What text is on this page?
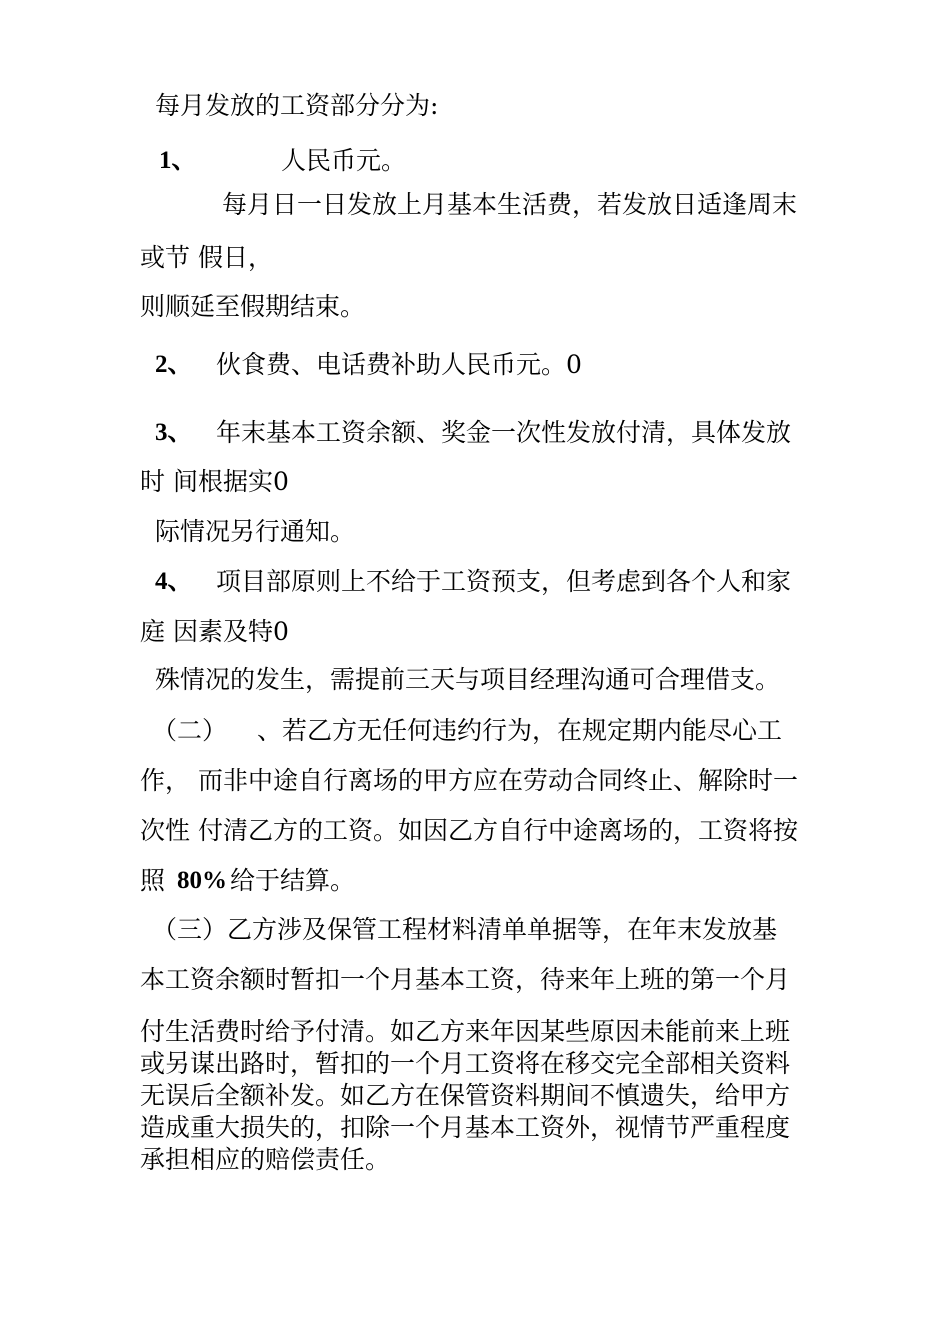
每月发放的工资部分分为:
1、	人民币元。
每月日一日发放上月基本生活费，若发放日适逢周末
或节 假日，
则顺延至假期结束。
2、 伙食费、电话费补助人民币元。0
3、 年末基本工资余额、奖金一次性发放付清，具体发放
时 间根据实0
际情况另行通知。
4、 项目部原则上不给于工资预支，但考虑到各个人和家
庭 因素及特0
殊情况的发生，需提前三天与项目经理沟通可合理借支。
（二） 、若乙方无任何违约行为，在规定期内能尽心工
作， 而非中途自行离场的甲方应在劳动合同终止、解除时一
次性 付清乙方的工资。如因乙方自行中途离场的，工资将按
照 80% 给于结算。
（三）乙方涉及保管工程材料清单单据等，在年末发放基
本工资余额时暂扣一个月基本工资，待来年上班的第一个月
付生活费时给予付清。如乙方来年因某些原因未能前来上班
或另谋出路时，暂扣的一个月工资将在移交完全部相关资料
无误后全额补发。如乙方在保管资料期间不慎遗失，给甲方
造成重大损失的，扣除一个月基本工资外，视情节严重程度
承担相应的赔偿责任。
